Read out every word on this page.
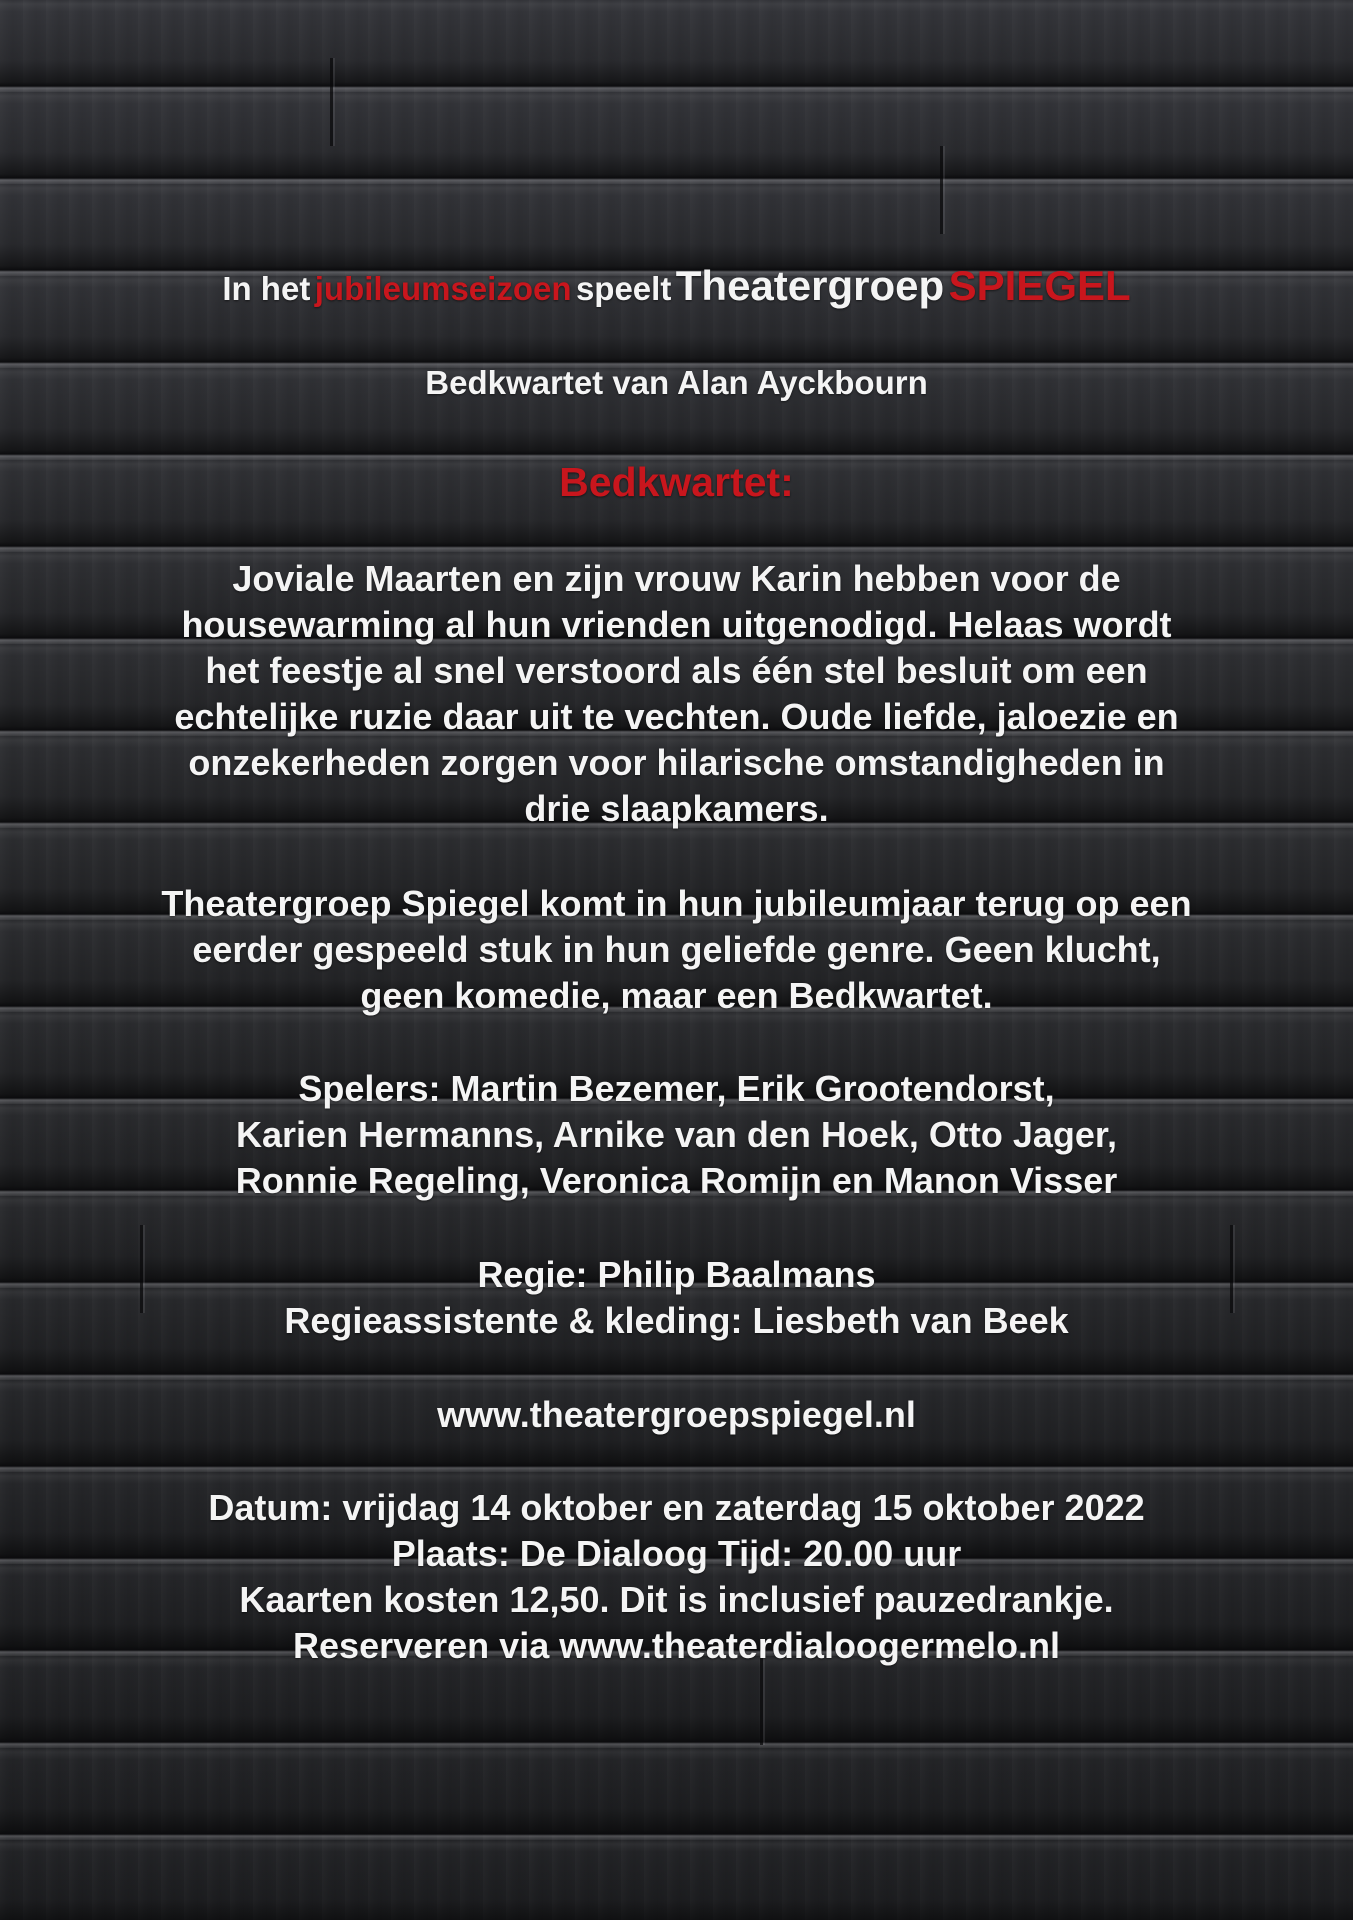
In het jubileumseizoen speelt Theatergroep SPIEGEL
Bedkwartet van Alan Ayckbourn
Bedkwartet:
Joviale Maarten en zijn vrouw Karin hebben voor de
housewarming al hun vrienden uitgenodigd. Helaas wordt
het feestje al snel verstoord als één stel besluit om een
echtelijke ruzie daar uit te vechten. Oude liefde, jaloezie en
onzekerheden zorgen voor hilarische omstandigheden in
drie slaapkamers.
Theatergroep Spiegel komt in hun jubileumjaar terug op een
eerder gespeeld stuk in hun geliefde genre. Geen klucht,
geen komedie, maar een Bedkwartet.
Spelers: Martin Bezemer, Erik Grootendorst,
Karien Hermanns, Arnike van den Hoek, Otto Jager,
Ronnie Regeling, Veronica Romijn en Manon Visser
Regie: Philip Baalmans
Regieassistente & kleding: Liesbeth van Beek
www.theatergroepspiegel.nl
Datum: vrijdag 14 oktober en zaterdag 15 oktober 2022
Plaats: De Dialoog Tijd: 20.00 uur
Kaarten kosten 12,50. Dit is inclusief pauzedrankje.
Reserveren via www.theaterdialoogermelo.nl
